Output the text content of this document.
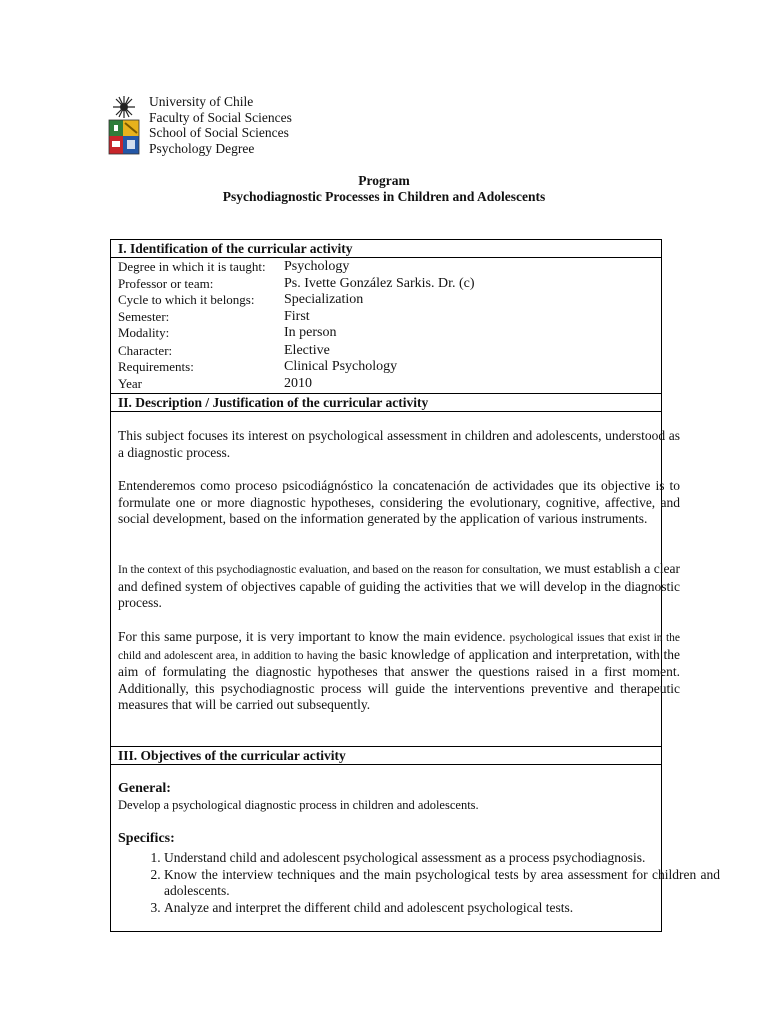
University of Chile
Faculty of Social Sciences
School of Social Sciences
Psychology Degree
Program
Psychodiagnostic Processes in Children and Adolescents
I. Identification of the curricular activity
Degree in which it is taught: Psychology
Professor or team:	Ps. Ivette González Sarkis. Dr. (c)
Cycle to which it belongs: Specialization
Semester:	First
Modality:	In person
Character:	Elective
Requirements:	Clinical Psychology
Year	2010
II. Description / Justification of the curricular activity
This subject focuses its interest on psychological assessment in children and adolescents, understood as a diagnostic process.
Entenderemos como proceso psicodiágnóstico la concatenación de actividades que its objective is to formulate one or more diagnostic hypotheses, considering the evolutionary, cognitive, affective, and social development, based on the information generated by the application of various instruments.
In the context of this psychodiagnostic evaluation, and based on the reason for consultation, we must establish a clear and defined system of objectives capable of guiding the activities that we will develop in the diagnostic process.
For this same purpose, it is very important to know the main evidence. psychological issues that exist in the child and adolescent area, in addition to having the basic knowledge of application and interpretation, with the aim of formulating the diagnostic hypotheses that answer the questions raised in a first moment. Additionally, this psychodiagnostic process will guide the interventions preventive and therapeutic measures that will be carried out subsequently.
III. Objectives of the curricular activity
General:
Develop a psychological diagnostic process in children and adolescents.
Specifics:
1. Understand child and adolescent psychological assessment as a process psychodiagnosis.
2. Know the interview techniques and the main psychological tests by area assessment for children and adolescents.
3. Analyze and interpret the different child and adolescent psychological tests.
